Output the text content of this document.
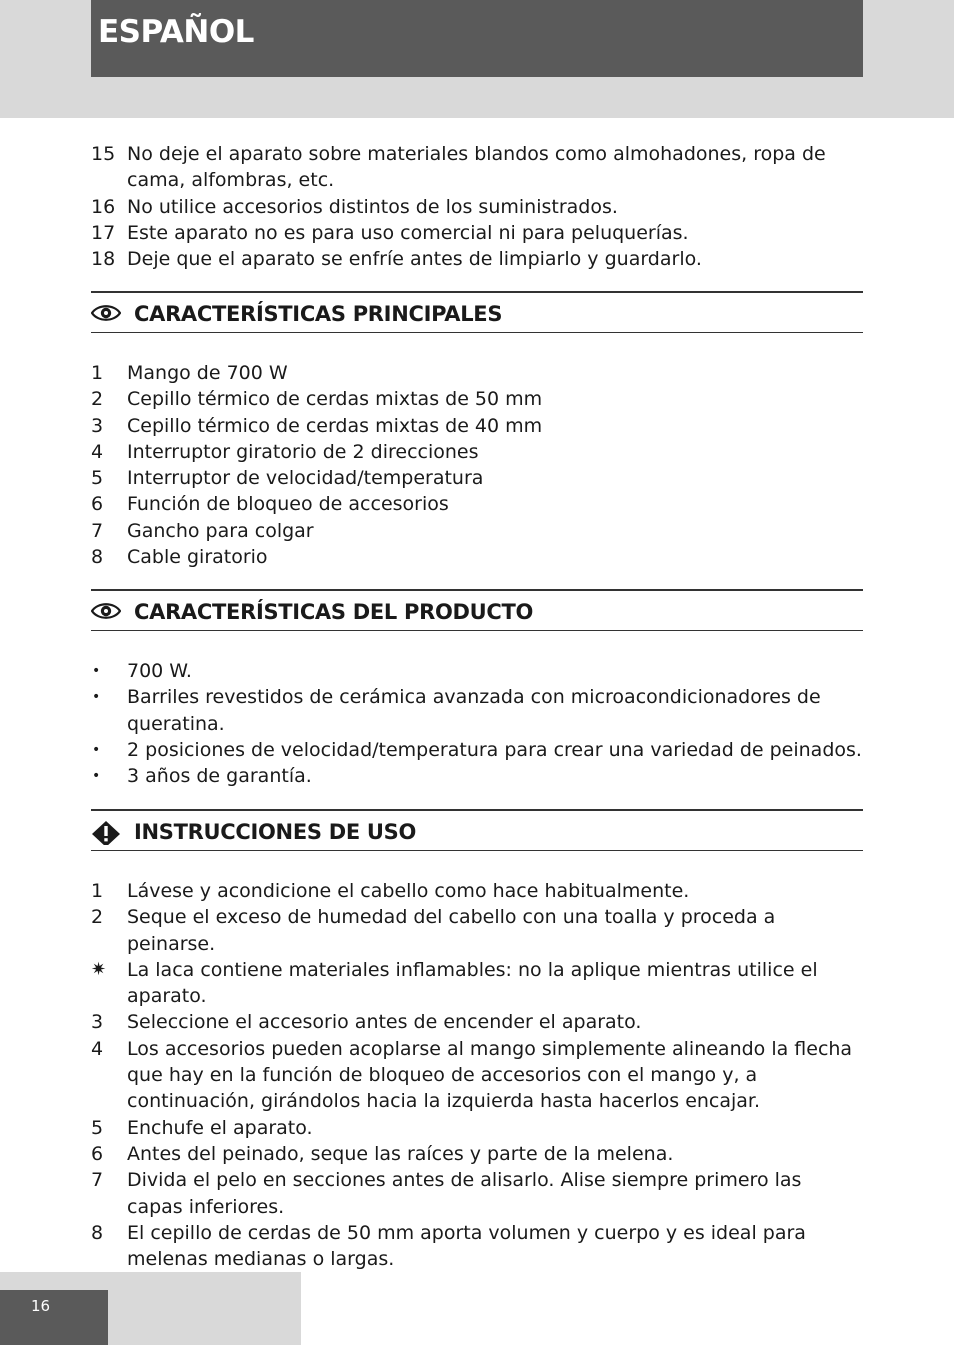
ESPAÑOL
15 No deje el aparato sobre materiales blandos como almohadones, ropa de cama, alfombras, etc.
16 No utilice accesorios distintos de los suministrados.
17 Este aparato no es para uso comercial ni para peluquerías.
18 Deje que el aparato se enfríe antes de limpiarlo y guardarlo.
CARACTERÍSTICAS PRINCIPALES
1	Mango de 700 W
2	Cepillo térmico de cerdas mixtas de 50 mm
3	Cepillo térmico de cerdas mixtas de 40 mm
4	Interruptor giratorio de 2 direcciones
5	Interruptor de velocidad/temperatura
6	Función de bloqueo de accesorios
7	Gancho para colgar
8	Cable giratorio
CARACTERÍSTICAS DEL PRODUCTO
•	700 W.
•	Barriles revestidos de cerámica avanzada con microacondicionadores de queratina.
•	2 posiciones de velocidad/temperatura para crear una variedad de peinados.
•	3 años de garantía.
INSTRUCCIONES DE USO
1	Lávese y acondicione el cabello como hace habitualmente.
2	Seque el exceso de humedad del cabello con una toalla y proceda a peinarse.
✷	La laca contiene materiales inflamables: no la aplique mientras utilice el aparato.
3	Seleccione el accesorio antes de encender el aparato.
4	Los accesorios pueden acoplarse al mango simplemente alineando la flecha que hay en la función de bloqueo de accesorios con el mango y, a continuación, girándolos hacia la izquierda hasta hacerlos encajar.
5	Enchufe el aparato.
6	Antes del peinado, seque las raíces y parte de la melena.
7	Divida el pelo en secciones antes de alisarlo. Alise siempre primero las capas inferiores.
8	El cepillo de cerdas de 50 mm aporta volumen y cuerpo y es ideal para melenas medianas o largas.
16
